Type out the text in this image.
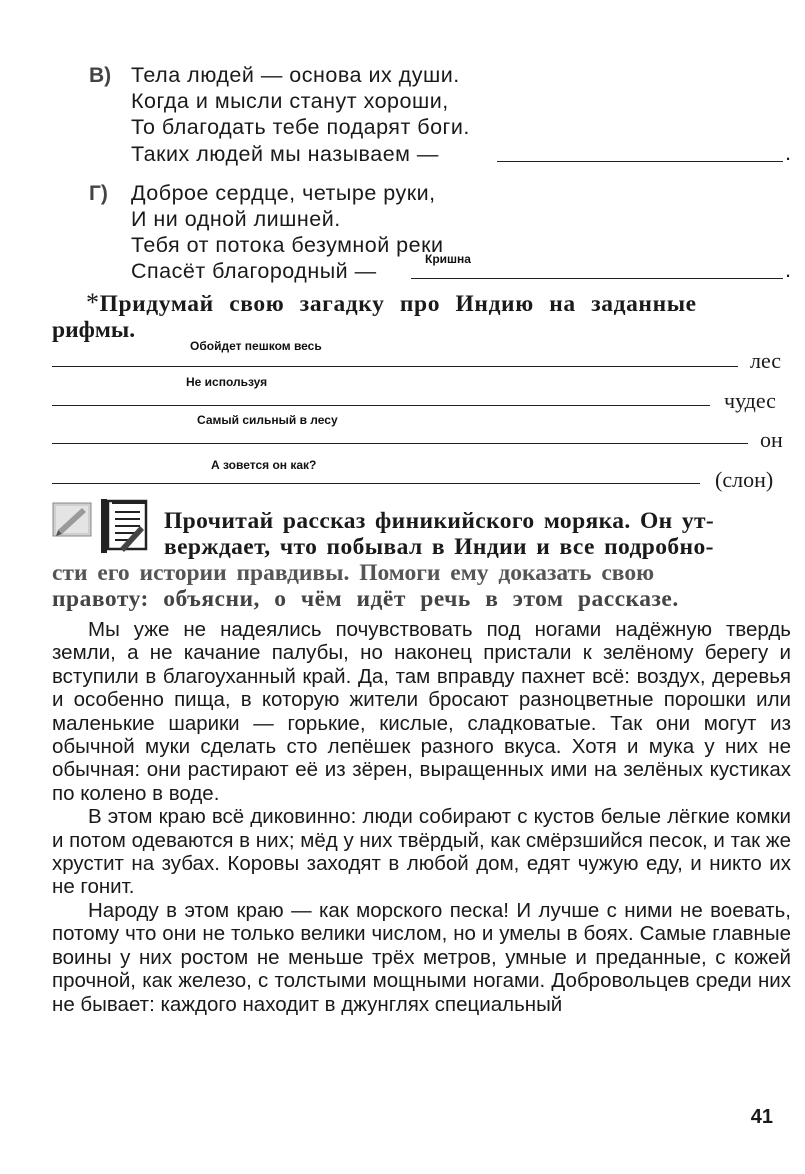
В) Тела людей — основа их души.
Когда и мысли станут хороши,
То благодать тебе подарят боги.
Таких людей мы называем —	.
Г) Доброе сердце, четыре руки,
И ни одной лишней.
Тебя от потока безумной реки
Спасёт благородный —	Кришна	.
*Придумай свою загадку про Индию на заданные
рифмы.
Обойдет пешком весь
лес
Не используя
чудес
Самый сильный в лесу
он
А зовется он как?
(слон)
Прочитай рассказ финикийского моряка. Он ут-
верждает, что побывал в Индии и все подробно-
сти его истории правдивы. Помоги ему доказать свою
правоту: объясни, о чём идёт речь в этом рассказе.

Мы уже не надеялись почувствовать под ногами надёжную твердь земли, а не качание палубы, но наконец пристали к зелёному берегу и вступили в благоуханный край. Да, там вправду пахнет всё: воздух, деревья и особенно пища, в которую жители бросают разноцветные порошки или маленькие шарики — горькие, кислые, сладковатые. Так они могут из обычной муки сделать сто лепёшек разного вкуса. Хотя и мука у них не обычная: они растирают её из зёрен, выращенных ими на зелёных кустиках по колено в воде.

В этом краю всё диковинно: люди собирают с кустов белые лёгкие комки и потом одеваются в них; мёд у них твёрдый, как смёрзшийся песок, и так же хрустит на зубах. Коровы заходят в любой дом, едят чужую еду, и никто их не гонит.

Народу в этом краю — как морского песка! И лучше с ними не воевать, потому что они не только велики числом, но и умелы в боях. Самые главные воины у них ростом не меньше трёх метров, умные и преданные, с кожей прочной, как железо, с толстыми мощными ногами. Добровольцев среди них не бывает: каждого находит в джунглях специальный

41
